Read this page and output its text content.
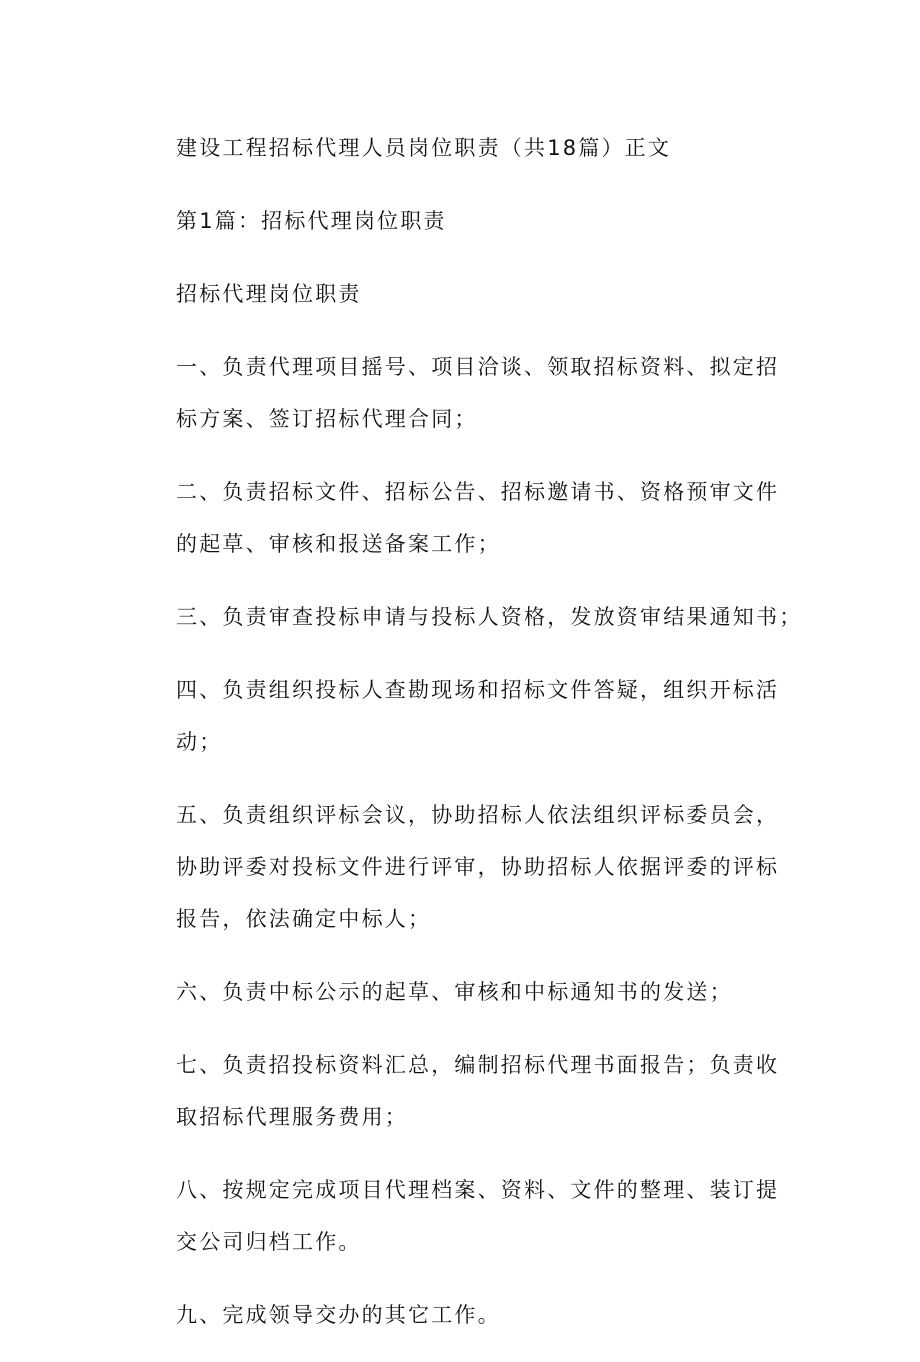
建设工程招标代理人员岗位职责（共18篇）正文

第1篇：招标代理岗位职责

招标代理岗位职责

一、负责代理项目摇号、项目洽谈、领取招标资料、拟定招
标方案、签订招标代理合同；

二、负责招标文件、招标公告、招标邀请书、资格预审文件
的起草、审核和报送备案工作；

三、负责审查投标申请与投标人资格，发放资审结果通知书；

四、负责组织投标人查勘现场和招标文件答疑，组织开标活
动；

五、负责组织评标会议，协助招标人依法组织评标委员会，
协助评委对投标文件进行评审，协助招标人依据评委的评标
报告，依法确定中标人；

六、负责中标公示的起草、审核和中标通知书的发送；

七、负责招投标资料汇总，编制招标代理书面报告；负责收
取招标代理服务费用；

八、按规定完成项目代理档案、资料、文件的整理、装订提
交公司归档工作。

九、完成领导交办的其它工作。
